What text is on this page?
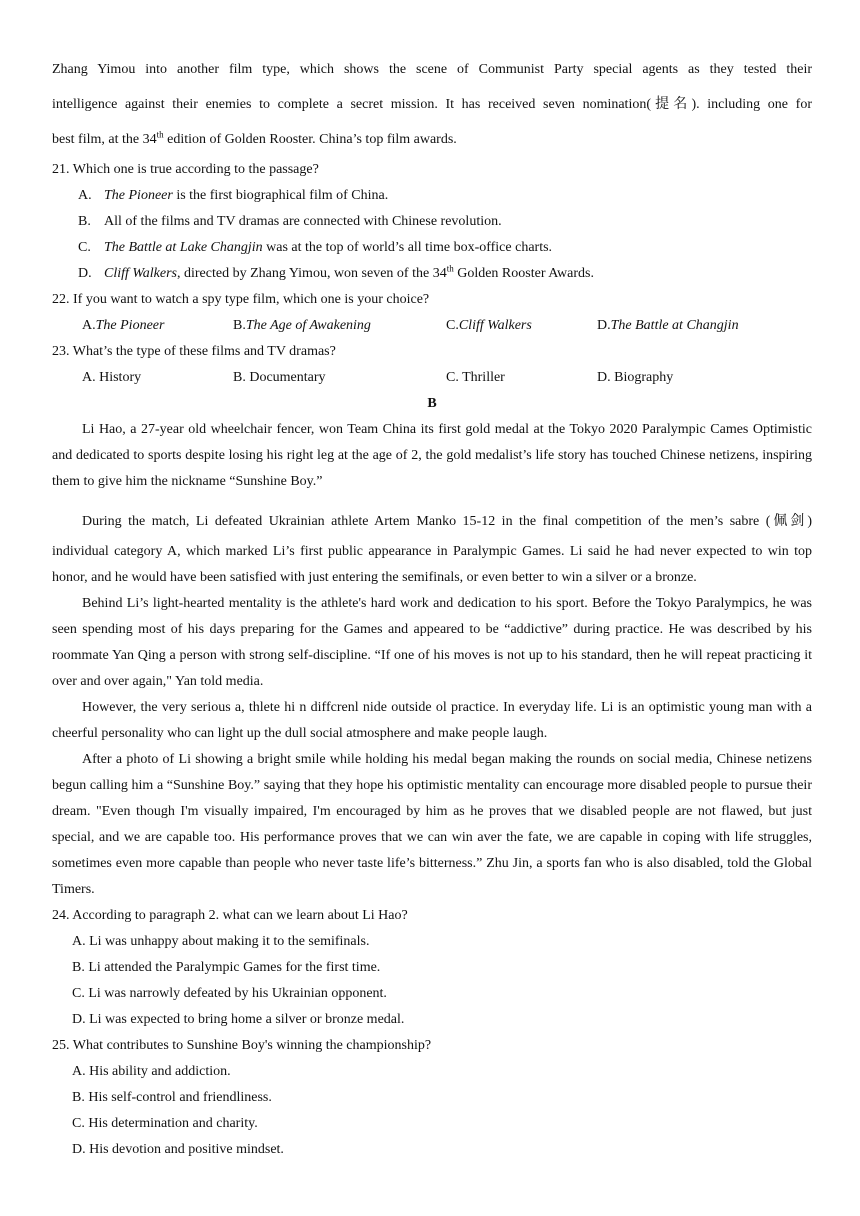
Zhang Yimou into another film type, which shows the scene of Communist Party special agents as they tested their

intelligence against their enemies to complete a secret mission. It has received seven nomination(提名). including one for

best film, at the 34th edition of Golden Rooster. China’s top film awards.

21. Which one is true according to the passage?

A. The Pioneer is the first biographical film of China.

B. All of the films and TV dramas are connected with Chinese revolution.

C. The Battle at Lake Changjin was at the top of world’s all time box-office charts.

D. Cliff Walkers, directed by Zhang Yimou, won seven of the 34th Golden Rooster Awards.

22. If you want to watch a spy type film, which one is your choice?

A.The Pioneer	B.The Age of Awakening	C.Cliff Walkers	D.The Battle at Changjin

23. What’s the type of these films and TV dramas?

A. History	B. Documentary	C. Thriller	D. Biography

B

Li Hao, a 27-year old wheelchair fencer, won Team China its first gold medal at the Tokyo 2020 Paralympic Cames Optimistic and dedicated to sports despite losing his right leg at the age of 2, the gold medalist’s life story has touched Chinese netizens, inspiring them to give him the nickname “Sunshine Boy.”

During the match, Li defeated Ukrainian athlete Artem Manko 15-12 in the final competition of the men’s sabre (佩剑)

individual category A, which marked Li’s first public appearance in Paralympic Games. Li said he had never expected to win top honor, and he would have been satisfied with just entering the semifinals, or even better to win a silver or a bronze.

Behind Li’s light-hearted mentality is the athlete's hard work and dedication to his sport. Before the Tokyo Paralympics, he was seen spending most of his days preparing for the Games and appeared to be “addictive” during practice. He was described by his roommate Yan Qing a person with strong self-discipline. “If one of his moves is not up to his standard, then he will repeat practicing it over and over again," Yan told media.

However, the very serious a, thlete hi n diffcrenl nide outside ol practice. In everyday life. Li is an optimistic young man with a cheerful personality who can light up the dull social atmosphere and make people laugh.

After a photo of Li showing a bright smile while holding his medal began making the rounds on social media, Chinese netizens begun calling him a “Sunshine Boy.” saying that they hope his optimistic mentality can encourage more disabled people to pursue their dream. "Even though I'm visually impaired, I'm encouraged by him as he proves that we disabled people are not flawed, but just special, and we are capable too. His performance proves that we can win aver the fate, we are capable in coping with life struggles, sometimes even more capable than people who never taste life’s bitterness.” Zhu Jin, a sports fan who is also disabled, told the Global Timers.

24. According to paragraph 2. what can we learn about Li Hao?

A. Li was unhappy about making it to the semifinals.

B. Li attended the Paralympic Games for the first time.

C. Li was narrowly defeated by his Ukrainian opponent.

D. Li was expected to bring home a silver or bronze medal.

25. What contributes to Sunshine Boy's winning the championship?

A. His ability and addiction.

B. His self-control and friendliness.

C. His determination and charity.

D. His devotion and positive mindset.
